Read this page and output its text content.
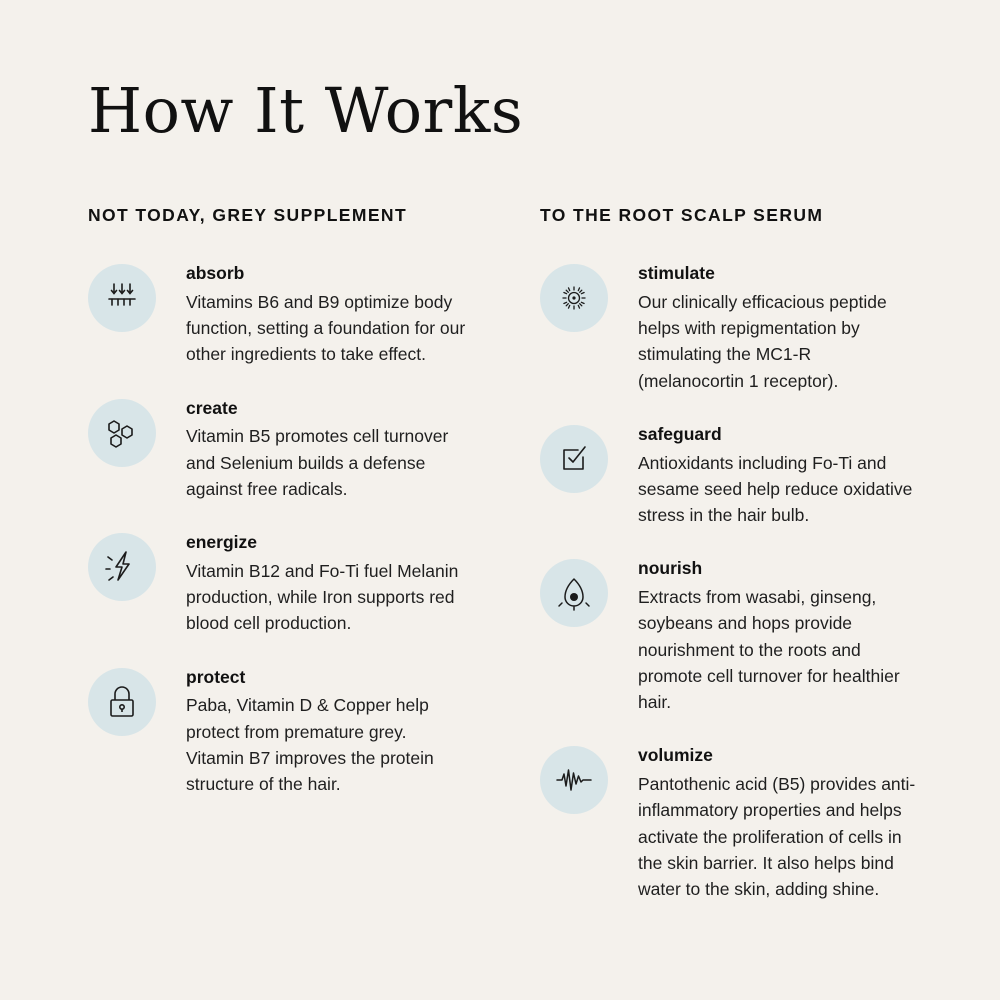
How It Works
NOT TODAY, GREY SUPPLEMENT

absorb

Vitamins B6 and B9 optimize body function, setting a foundation for our other ingredients to take effect.

create

Vitamin B5 promotes cell turnover and Selenium builds a defense against free radicals.

energize

Vitamin B12 and Fo-Ti fuel Melanin production, while Iron supports red blood cell production.

protect

Paba, Vitamin D & Copper help protect from premature grey. Vitamin B7 improves the protein structure of the hair.

TO THE ROOT SCALP SERUM

stimulate

Our clinically efficacious peptide helps with repigmentation by stimulating the MC1-R (melanocortin 1 receptor).

safeguard

Antioxidants including Fo-Ti and sesame seed help reduce oxidative stress in the hair bulb.

nourish

Extracts from wasabi, ginseng, soybeans and hops provide nourishment to the roots and promote cell turnover for healthier hair.

volumize

Pantothenic acid (B5) provides anti-inflammatory properties and helps activate the proliferation of cells in the skin barrier. It also helps bind water to the skin, adding shine.
